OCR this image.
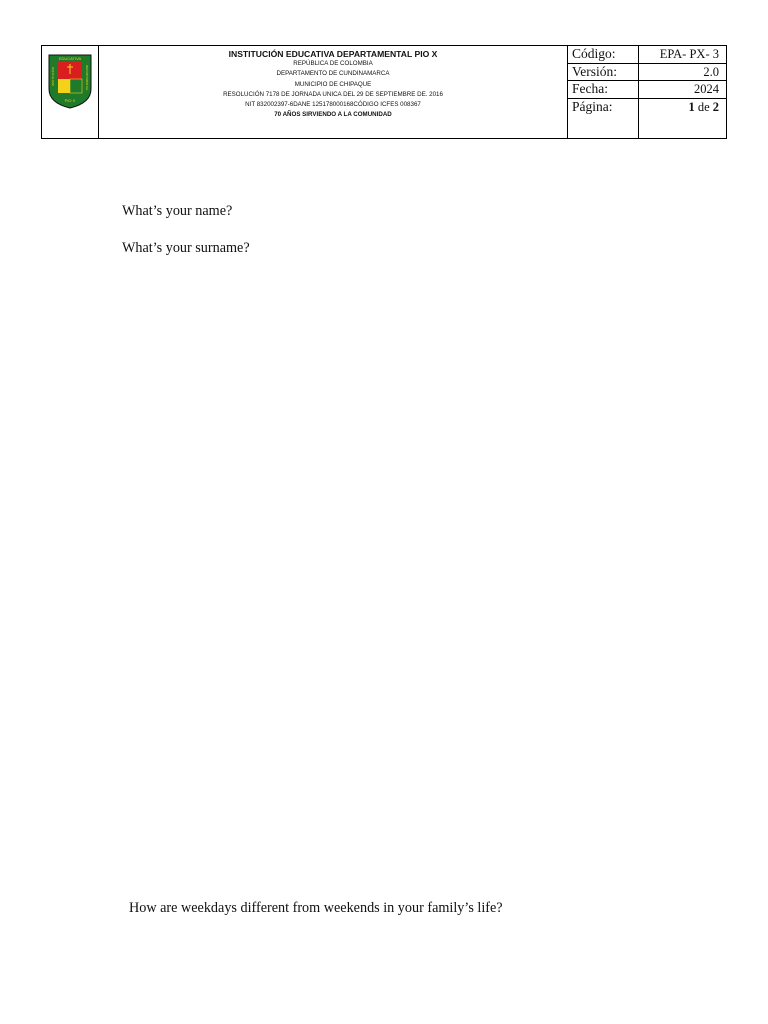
EDUCATIVA
PIO X
INSTITUCIÓN	DEPARTAMENTAL
INSTITUCIÓN EDUCATIVA DEPARTAMENTAL PIO X
REPÚBLICA DE COLOMBIA
DEPARTAMENTO DE CUNDINAMARCA
MUNICIPIO DE CHIPAQUE
RESOLUCIÓN 7178 DE JORNADA UNICA DEL 29 DE SEPTIEMBRE DE. 2016
NIT 832002397-6DANE 125178000168CÓDIGO ICFES 008367
70 AÑOS SIRVIENDO A LA COMUNIDAD
Código:	EPA- PX- 3
Versión:	2.0
Fecha:	2024
Página:	1 de 2
What’s your name?
What’s your surname?
How are weekdays different from weekends in your family’s life?
